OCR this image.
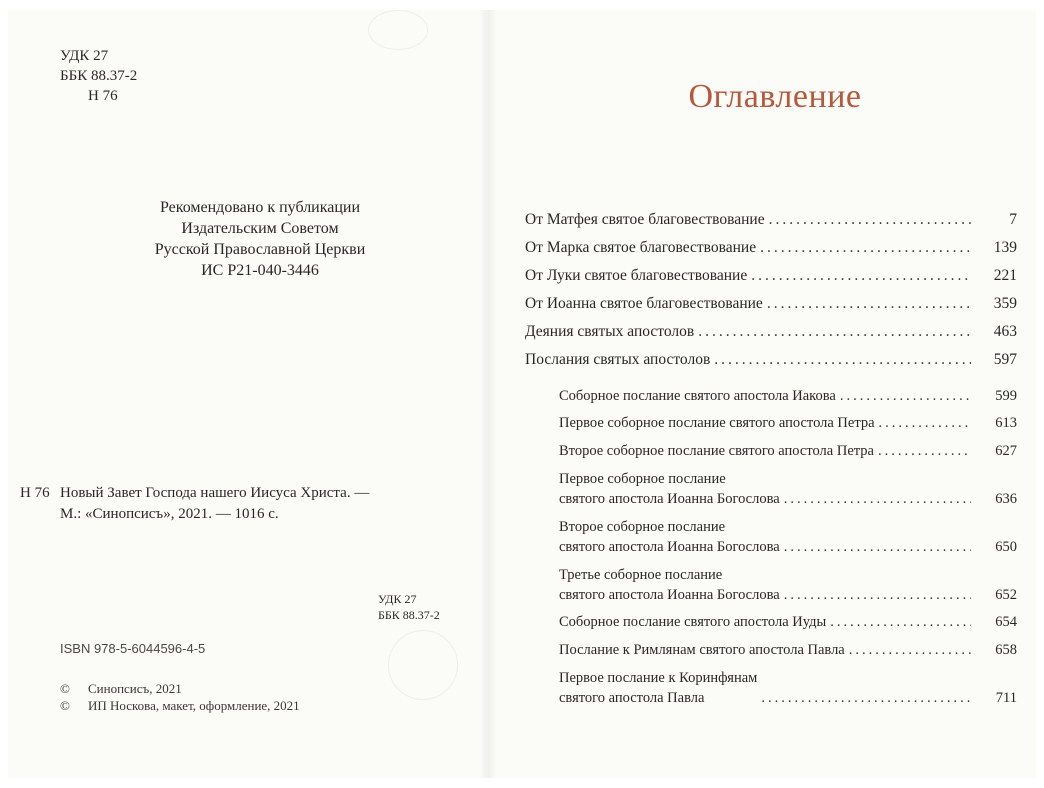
УДК 27
ББК 88.37-2
Н 76
Рекомендовано к публикации
Издательским Советом
Русской Православной Церкви
ИС Р21-040-3446
Н 76 Новый Завет Господа нашего Иисуса Христа. —
М.: «Синопсисъ», 2021. — 1016 с.
УДК 27
ББК 88.37-2
ISBN 978-5-6044596-4-5
©	Синопсисъ, 2021
©	ИП Носкова, макет, оформление, 2021
Оглавление
От Матфея святое благовествование .....	7
От Марка святое благовествование .....	139
От Луки святое благовествование .....	221
От Иоанна святое благовествование .....	359
Деяния святых апостолов .....	463
Послания святых апостолов .....	597
Соборное послание святого апостола Иакова .....	599
Первое соборное послание святого апостола Петра .....	613
Второе соборное послание святого апостола Петра .....	627
Первое соборное послание
святого апостола Иоанна Богослова .....	636
Второе соборное послание
святого апостола Иоанна Богослова .....	650
Третье соборное послание
святого апостола Иоанна Богослова .....	652
Соборное послание святого апостола Иуды .....	654
Послание к Римлянам святого апостола Павла .....	658
Первое послание к Коринфянам
святого апостола Павла .....	711
